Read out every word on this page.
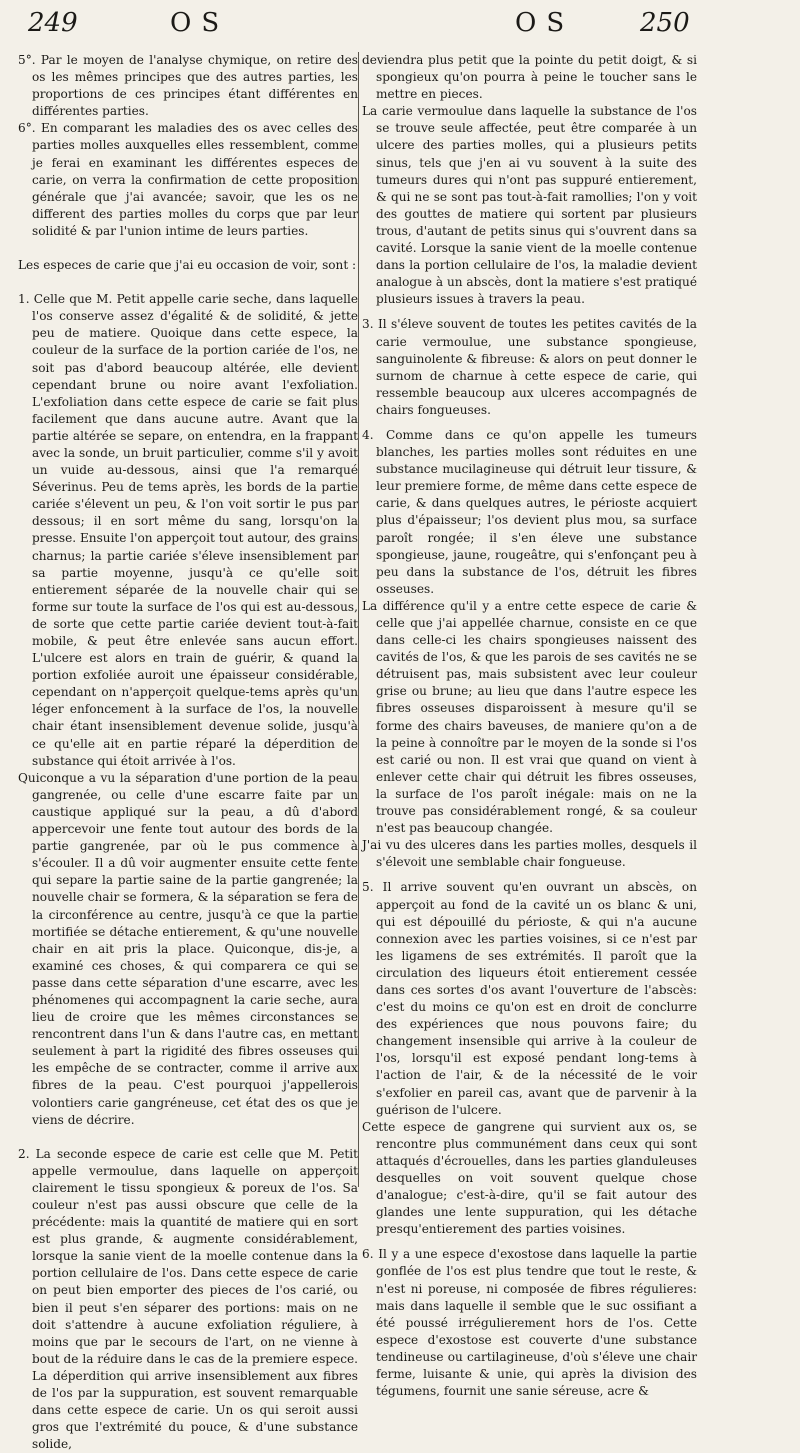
249	OS	OS	250

5°. Par le moyen de l'analyse chymique, on retire des os les mêmes principes que des autres parties, les proportions de ces principes étant différentes en différentes parties.

6°. En comparant les maladies des os avec celles des parties molles auxquelles elles ressemblent, comme je ferai en examinant les différentes especes de carie, on verra la confirmation de cette proposition générale que j'ai avancée; savoir, que les os ne different des parties molles du corps que par leur solidité & par l'union intime de leurs parties.

Les especes de carie que j'ai eu occasion de voir, sont :

1. Celle que M. Petit appelle carie seche, dans laquelle l'os conserve assez d'égalité & de solidité, & jette peu de matiere. Quoique dans cette espece, la couleur de la surface de la portion cariée de l'os, ne soit pas d'abord beaucoup altérée, elle devient cependant brune ou noire avant l'exfoliation. L'exfoliation dans cette espece de carie se fait plus facilement que dans aucune autre. Avant que la partie altérée se separe, on entendra, en la frappant avec la sonde, un bruit particulier, comme s'il y avoit un vuide au-dessous, ainsi que l'a remarqué Séverinus. Peu de tems après, les bords de la partie cariée s'élevent un peu, & l'on voit sortir le pus par dessous; il en sort même du sang, lorsqu'on la presse. Ensuite l'on apperçoit tout autour, des grains charnus; la partie cariée s'éleve insensiblement par sa partie moyenne, jusqu'à ce qu'elle soit entierement séparée de la nouvelle chair qui se forme sur toute la surface de l'os qui est au-dessous, de sorte que cette partie cariée devient tout-à-fait mobile, & peut être enlevée sans aucun effort. L'ulcere est alors en train de guérir, & quand la portion exfoliée auroit une épaisseur considérable, cependant on n'apperçoit quelque-tems après qu'un léger enfoncement à la surface de l'os, la nouvelle chair étant insensiblement devenue solide, jusqu'à ce qu'elle ait en partie réparé la déperdition de substance qui étoit arrivée à l'os.

Quiconque a vu la séparation d'une portion de la peau gangrenée, ou celle d'une escarre faite par un caustique appliqué sur la peau, a dû d'abord appercevoir une fente tout autour des bords de la partie gangrenée, par où le pus commence à s'écouler. Il a dû voir augmenter ensuite cette fente qui separe la partie saine de la partie gangrenée; la nouvelle chair se formera, & la séparation se fera de la circonférence au centre, jusqu'à ce que la partie mortifiée se détache entierement, & qu'une nouvelle chair en ait pris la place. Quiconque, dis-je, a examiné ces choses, & qui comparera ce qui se passe dans cette séparation d'une escarre, avec les phénomenes qui accompagnent la carie seche, aura lieu de croire que les mêmes circonstances se rencontrent dans l'un & dans l'autre cas, en mettant seulement à part la rigidité des fibres osseuses qui les empêche de se contracter, comme il arrive aux fibres de la peau. C'est pourquoi j'appellerois volontiers carie gangréneuse, cet état des os que je viens de décrire.

2. La seconde espece de carie est celle que M. Petit appelle vermoulue, dans laquelle on apperçoit clairement le tissu spongieux & poreux de l'os. Sa couleur n'est pas aussi obscure que celle de la précédente: mais la quantité de matiere qui en sort est plus grande, & augmente considérablement, lorsque la sanie vient de la moelle contenue dans la portion cellulaire de l'os. Dans cette espece de carie on peut bien emporter des pieces de l'os carié, ou bien il peut s'en séparer des portions: mais on ne doit s'attendre à aucune exfoliation réguliere, à moins que par le secours de l'art, on ne vienne à bout de la réduire dans le cas de la premiere espece. La déperdition qui arrive insensiblement aux fibres de l'os par la suppuration, est souvent remarquable dans cette espece de carie. Un os qui seroit aussi gros que l'extrémité du pouce, & d'une substance solide,

deviendra plus petit que la pointe du petit doigt, & si spongieux qu'on pourra à peine le toucher sans le mettre en pieces.

La carie vermoulue dans laquelle la substance de l'os se trouve seule affectée, peut être comparée à un ulcere des parties molles, qui a plusieurs petits sinus, tels que j'en ai vu souvent à la suite des tumeurs dures qui n'ont pas suppuré entierement, & qui ne se sont pas tout-à-fait ramollies; l'on y voit des gouttes de matiere qui sortent par plusieurs trous, d'autant de petits sinus qui s'ouvrent dans sa cavité. Lorsque la sanie vient de la moelle contenue dans la portion cellulaire de l'os, la maladie devient analogue à un abscès, dont la matiere s'est pratiqué plusieurs issues à travers la peau.

3. Il s'éleve souvent de toutes les petites cavités de la carie vermoulue, une substance spongieuse, sanguinolente & fibreuse: & alors on peut donner le surnom de charnue à cette espece de carie, qui ressemble beaucoup aux ulceres accompagnés de chairs fongueuses.

4. Comme dans ce qu'on appelle les tumeurs blanches, les parties molles sont réduites en une substance mucilagineuse qui détruit leur tissure, & leur premiere forme, de même dans cette espece de carie, & dans quelques autres, le périoste acquiert plus d'épaisseur; l'os devient plus mou, sa surface paroît rongée; il s'en éleve une substance spongieuse, jaune, rougeâtre, qui s'enfonçant peu à peu dans la substance de l'os, détruit les fibres osseuses.

La différence qu'il y a entre cette espece de carie & celle que j'ai appellée charnue, consiste en ce que dans celle-ci les chairs spongieuses naissent des cavités de l'os, & que les parois de ses cavités ne se détruisent pas, mais subsistent avec leur couleur grise ou brune; au lieu que dans l'autre espece les fibres osseuses disparoissent à mesure qu'il se forme des chairs baveuses, de maniere qu'on a de la peine à connoître par le moyen de la sonde si l'os est carié ou non. Il est vrai que quand on vient à enlever cette chair qui détruit les fibres osseuses, la surface de l'os paroît inégale: mais on ne la trouve pas considérablement rongé, & sa couleur n'est pas beaucoup changée.

J'ai vu des ulceres dans les parties molles, desquels il s'élevoit une semblable chair fongueuse.

5. Il arrive souvent qu'en ouvrant un abscès, on apperçoit au fond de la cavité un os blanc & uni, qui est dépouillé du périoste, & qui n'a aucune connexion avec les parties voisines, si ce n'est par les ligamens de ses extrémités. Il paroît que la circulation des liqueurs étoit entierement cessée dans ces sortes d'os avant l'ouverture de l'abscès: c'est du moins ce qu'on est en droit de conclurre des expériences que nous pouvons faire; du changement insensible qui arrive à la couleur de l'os, lorsqu'il est exposé pendant long-tems à l'action de l'air, & de la nécessité de le voir s'exfolier en pareil cas, avant que de parvenir à la guérison de l'ulcere.

Cette espece de gangrene qui survient aux os, se rencontre plus communément dans ceux qui sont attaqués d'écrouelles, dans les parties glanduleuses desquelles on voit souvent quelque chose d'analogue; c'est-à-dire, qu'il se fait autour des glandes une lente suppuration, qui les détache presqu'entierement des parties voisines.

6. Il y a une espece d'exostose dans laquelle la partie gonflée de l'os est plus tendre que tout le reste, & n'est ni poreuse, ni composée de fibres régulieres: mais dans laquelle il semble que le suc ossifiant a été poussé irrégulierement hors de l'os. Cette espece d'exostose est couverte d'une substance tendineuse ou cartilagineuse, d'où s'éleve une chair ferme, luisante & unie, qui après la division des tégumens, fournit une sanie séreuse, acre &
